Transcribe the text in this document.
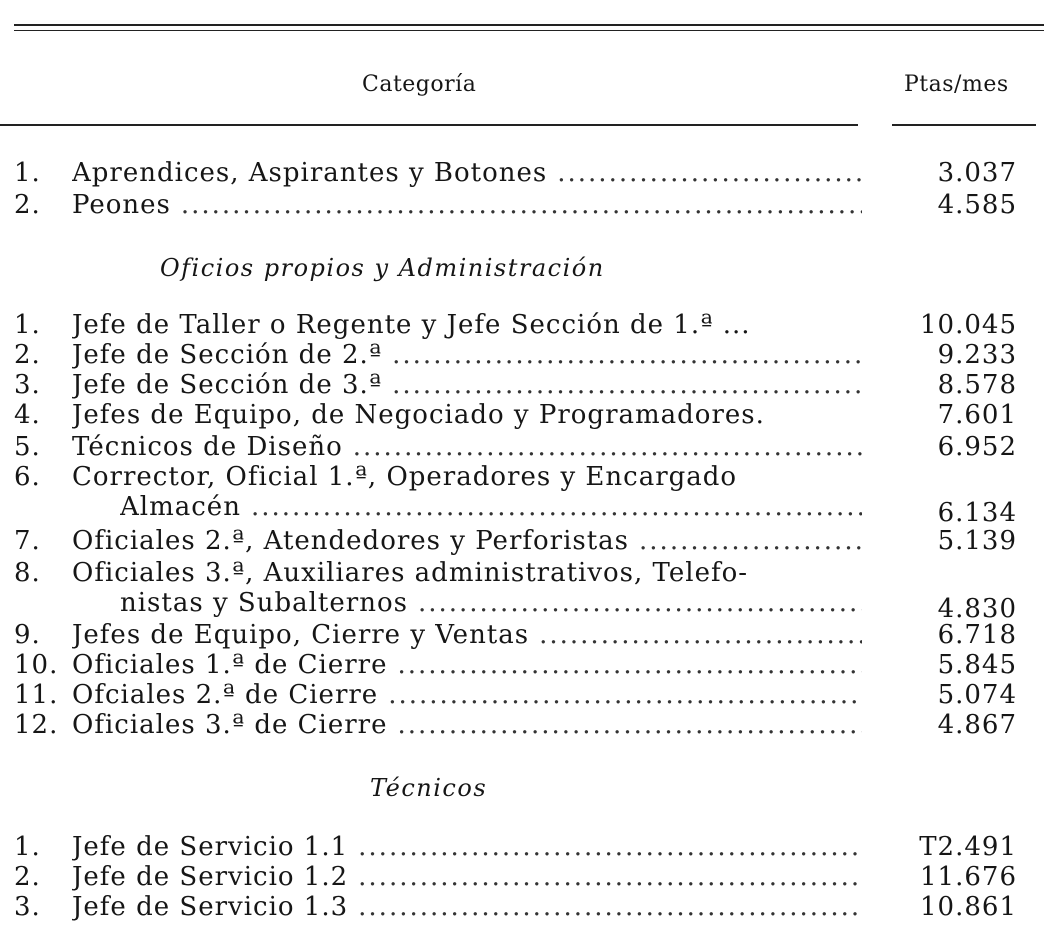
Categoría	Ptas/mes
1.	Aprendices, Aspirantes y Botones .....	3.037
2.	Peones .....	4.585
Oficios propios y Administración
1.	Jefe de Taller o Regente y Jefe Sección de 1.ª ...	10.045
2.	Jefe de Sección de 2.ª .....	9.233
3.	Jefe de Sección de 3.ª .....	8.578
4.	Jefes de Equipo, de Negociado y Programadores.	7.601
5.	Técnicos de Diseño .....	6.952
6.	Corrector, Oficial 1.ª, Operadores y Encargado
Almacén .....	6.134
7.	Oficiales 2.ª, Atendedores y Perforistas .....	5.139
8.	Oficiales 3.ª, Auxiliares administrativos, Telefo-
nistas y Subalternos .....	4.830
9.	Jefes de Equipo, Cierre y Ventas .....	6.718
10. Oficiales 1.ª de Cierre .....	5.845
11. Ofciales 2.ª de Cierre .....	5.074
12. Oficiales 3.ª de Cierre .....	4.867
Técnicos
1.	Jefe de Servicio 1.1 .....	T2.491
2.	Jefe de Servicio 1.2 .....	11.676
3.	Jefe de Servicio 1.3 .....	10.861
